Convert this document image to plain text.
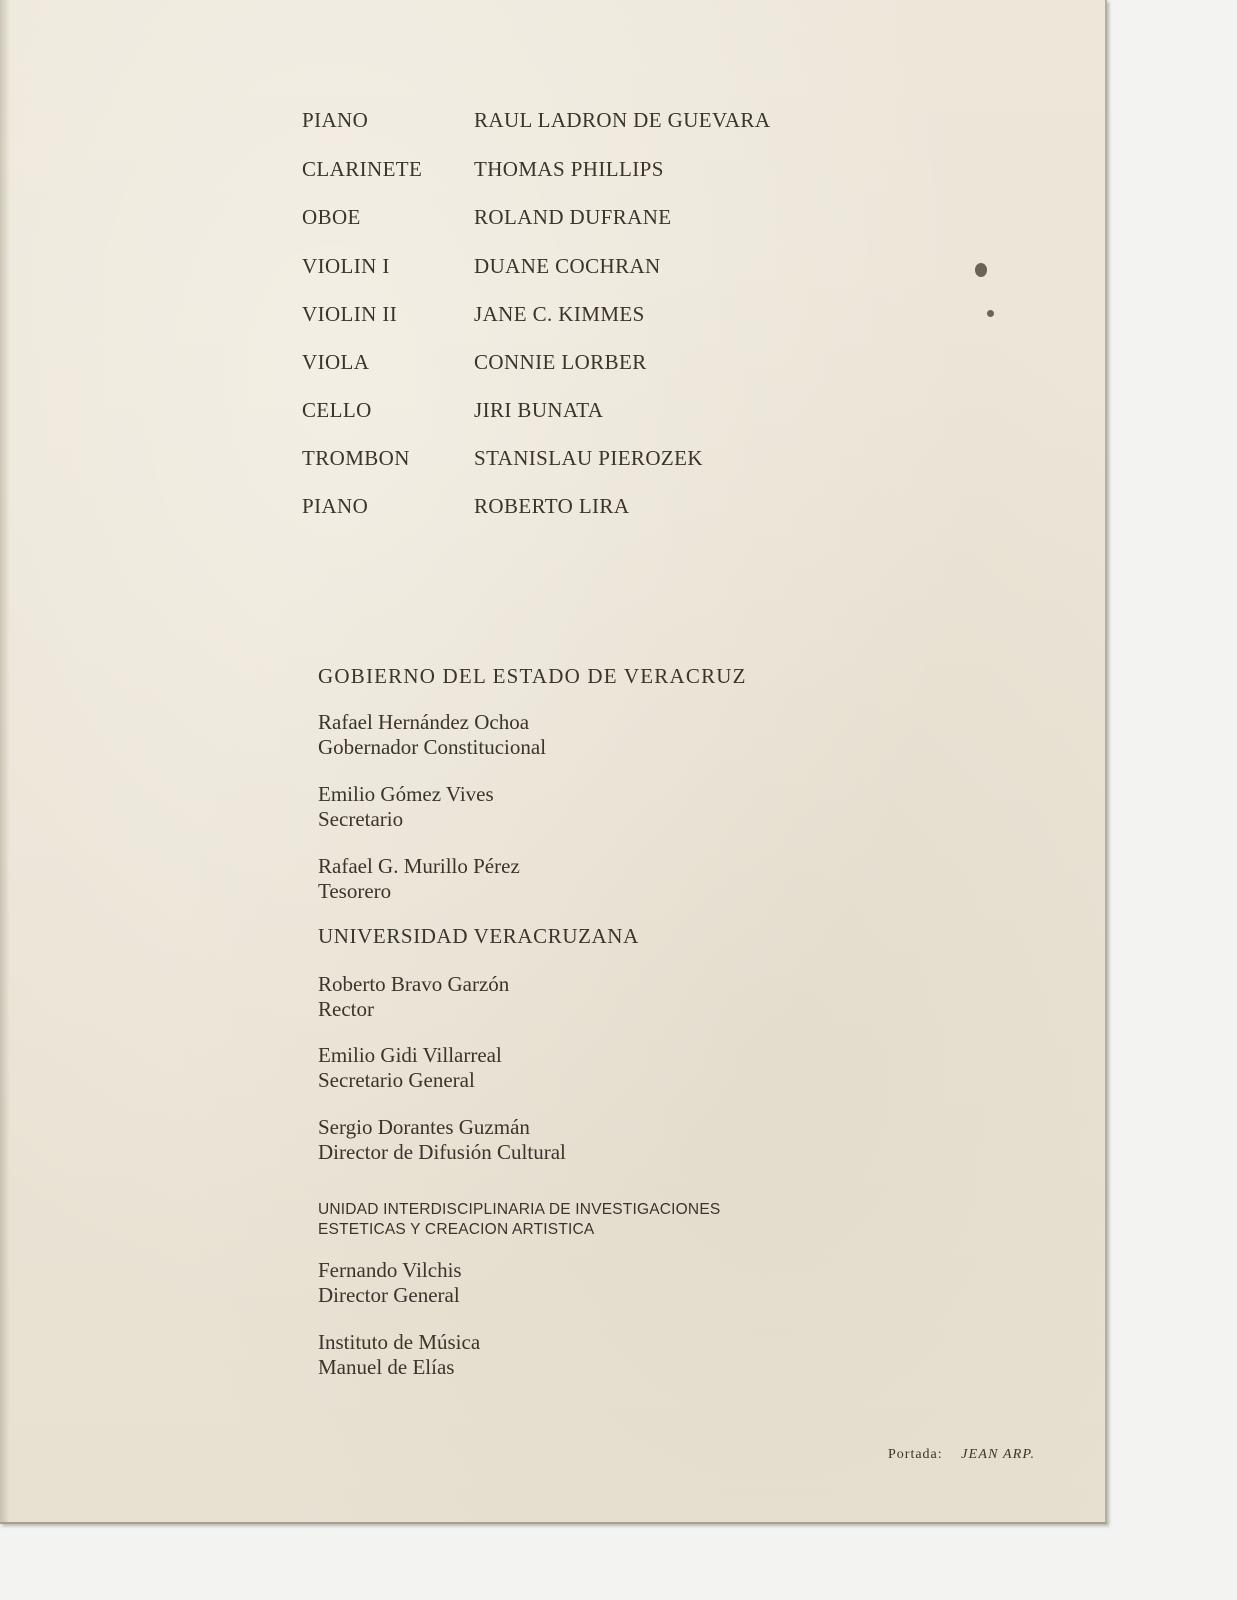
PIANO	RAUL LADRON DE GUEVARA
CLARINETE THOMAS PHILLIPS
OBOE	ROLAND DUFRANE
VIOLIN I	DUANE COCHRAN
VIOLIN II	JANE C. KIMMES
VIOLA	CONNIE LORBER
CELLO	JIRI BUNATA
TROMBON	STANISLAU PIEROZEK
PIANO	ROBERTO LIRA
GOBIERNO DEL ESTADO DE VERACRUZ
Rafael Hernández Ochoa
Gobernador Constitucional
Emilio Gómez Vives
Secretario
Rafael G. Murillo Pérez
Tesorero
UNIVERSIDAD VERACRUZANA
Roberto Bravo Garzón
Rector
Emilio Gidi Villarreal
Secretario General
Sergio Dorantes Guzmán
Director de Difusión Cultural
UNIDAD INTERDISCIPLINARIA DE INVESTIGACIONES
ESTETICAS Y CREACION ARTISTICA
Fernando Vilchis
Director General
Instituto de Música
Manuel de Elías
Portada: JEAN ARP.
